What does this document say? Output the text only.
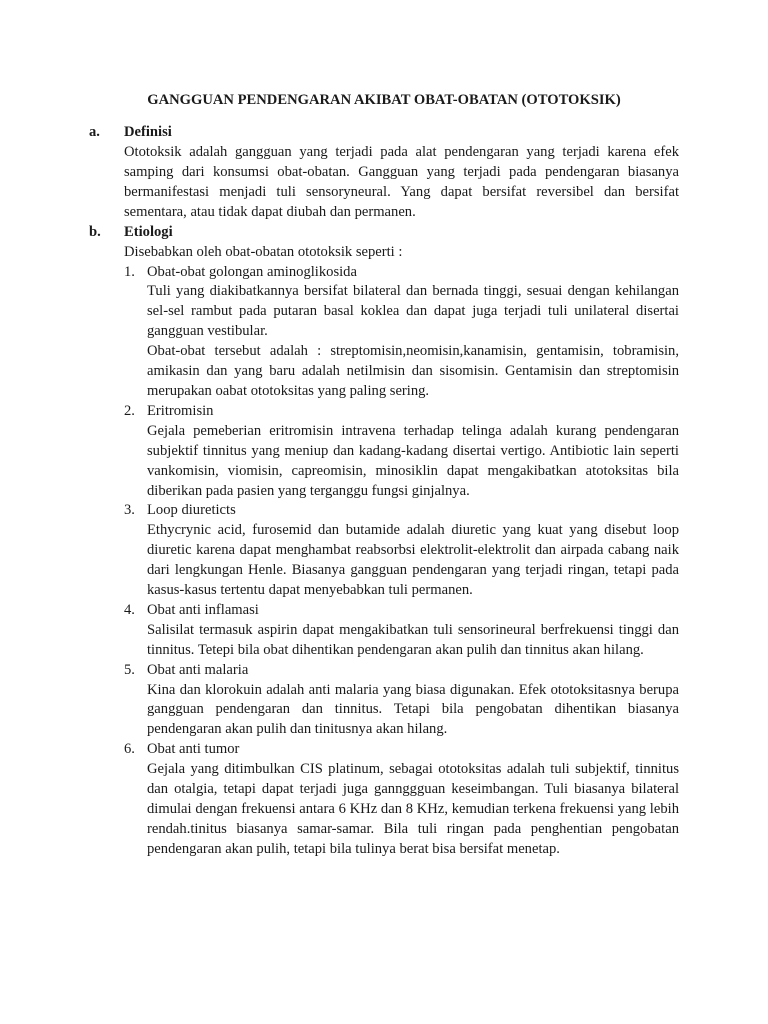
GANGGUAN PENDENGARAN AKIBAT OBAT-OBATAN (OTOTOKSIK)
a. Definisi

Ototoksik adalah gangguan yang terjadi pada alat pendengaran yang terjadi karena efek samping dari konsumsi obat-obatan. Gangguan yang terjadi pada pendengaran biasanya bermanifestasi menjadi tuli sensoryneural. Yang dapat bersifat reversibel dan bersifat sementara, atau tidak dapat diubah dan permanen.

b. Etiologi

Disebabkan oleh obat-obatan ototoksik seperti :

1. Obat-obat golongan aminoglikosida

Tuli yang diakibatkannya bersifat bilateral dan bernada tinggi, sesuai dengan kehilangan sel-sel rambut pada putaran basal koklea dan dapat juga terjadi tuli unilateral disertai gangguan vestibular.

Obat-obat tersebut adalah : streptomisin,neomisin,kanamisin, gentamisin, tobramisin, amikasin dan yang baru adalah netilmisin dan sisomisin. Gentamisin dan streptomisin merupakan oabat ototoksitas yang paling sering.

2. Eritromisin

Gejala pemeberian eritromisin intravena terhadap telinga adalah kurang pendengaran subjektif tinnitus yang meniup dan kadang-kadang disertai vertigo. Antibiotic lain seperti vankomisin, viomisin, capreomisin, minosiklin dapat mengakibatkan atotoksitas bila diberikan pada pasien yang terganggu fungsi ginjalnya.

3. Loop diureticts

Ethycrynic acid, furosemid dan butamide adalah diuretic yang kuat yang disebut loop diuretic karena dapat menghambat reabsorbsi elektrolit-elektrolit dan airpada cabang naik dari lengkungan Henle. Biasanya gangguan pendengaran yang terjadi ringan, tetapi pada kasus-kasus tertentu dapat menyebabkan tuli permanen.

4. Obat anti inflamasi

Salisilat termasuk aspirin dapat mengakibatkan tuli sensorineural berfrekuensi tinggi dan tinnitus. Tetepi bila obat dihentikan pendengaran akan pulih dan tinnitus akan hilang.

5. Obat anti malaria

Kina dan klorokuin adalah anti malaria yang biasa digunakan. Efek ototoksitasnya berupa gangguan pendengaran dan tinnitus. Tetapi bila pengobatan dihentikan biasanya pendengaran akan pulih dan tinitusnya akan hilang.

6. Obat anti tumor

Gejala yang ditimbulkan CIS platinum, sebagai ototoksitas adalah tuli subjektif, tinnitus dan otalgia, tetapi dapat terjadi juga gannggguan keseimbangan. Tuli biasanya bilateral dimulai dengan frekuensi antara 6 KHz dan 8 KHz, kemudian terkena frekuensi yang lebih rendah.tinitus biasanya samar-samar. Bila tuli ringan pada penghentian pengobatan pendengaran akan pulih, tetapi bila tulinya berat bisa bersifat menetap.
